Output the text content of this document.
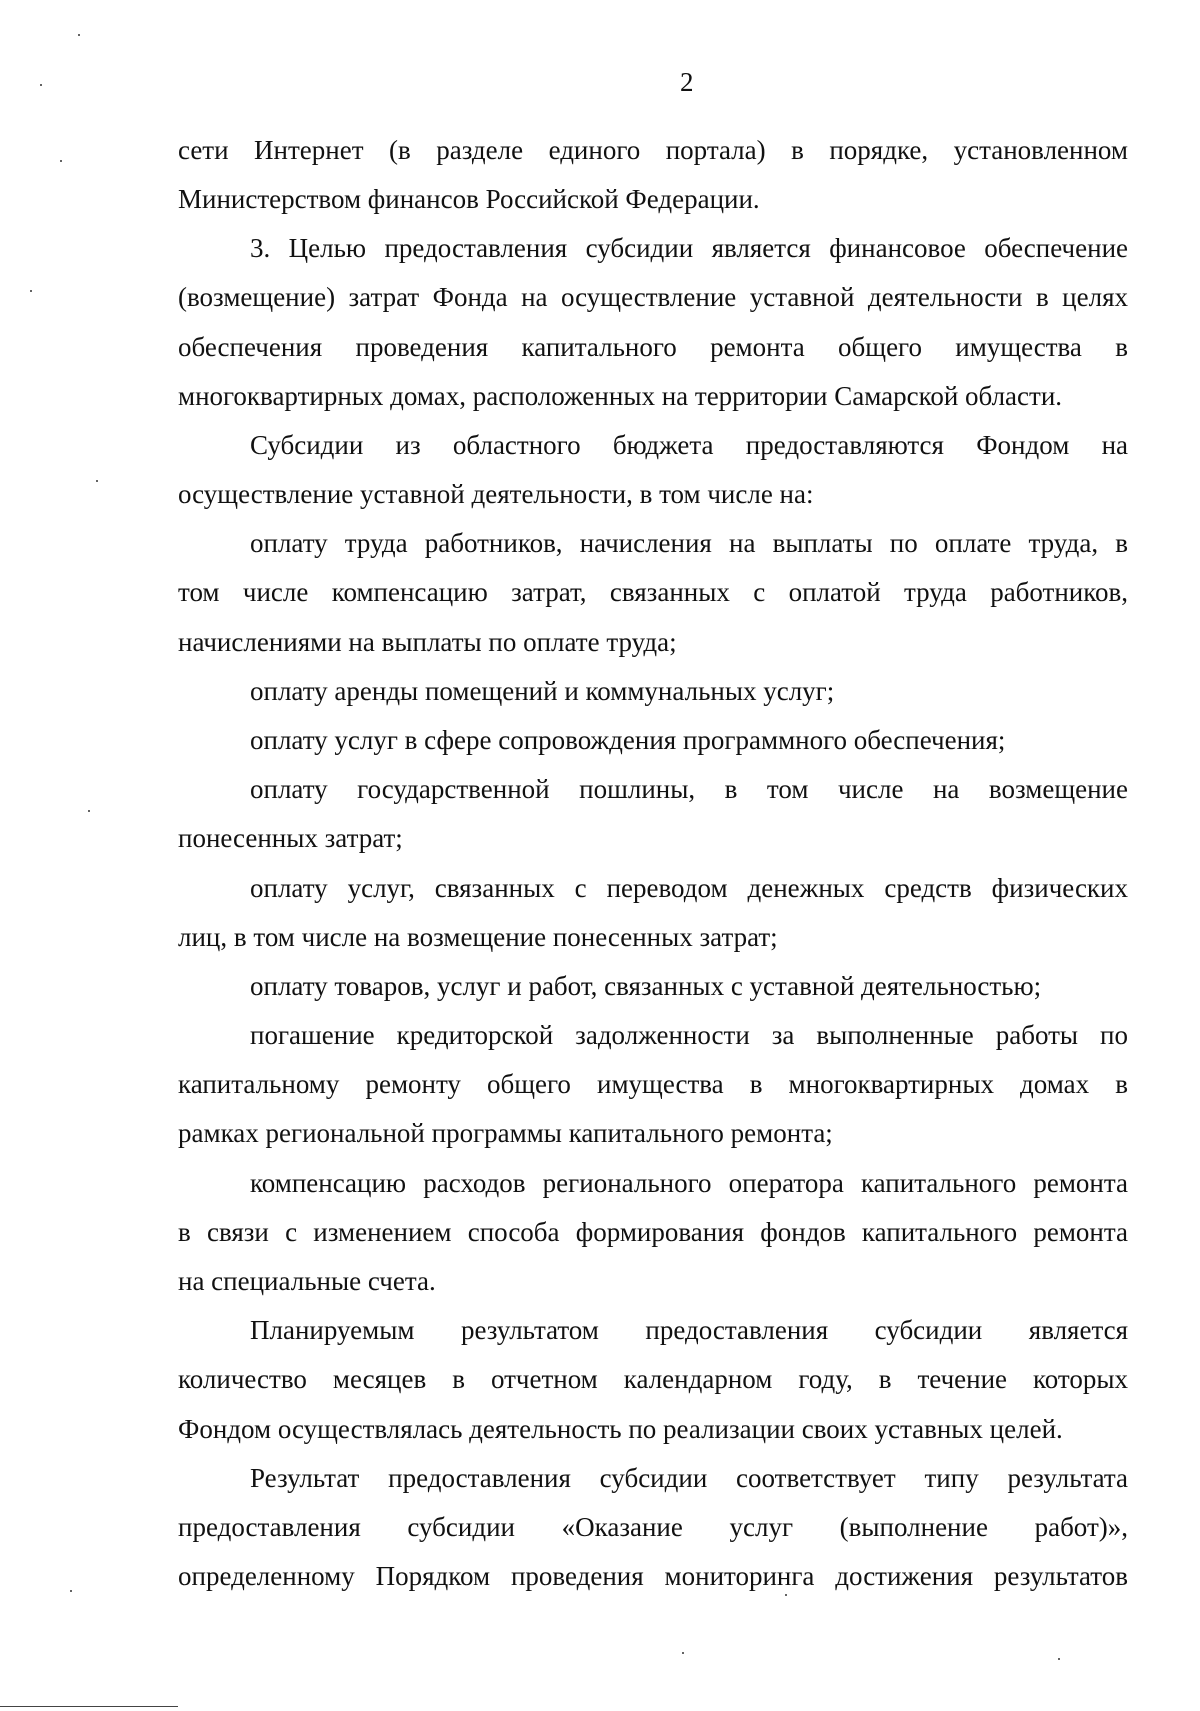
2
сети Интернет (в разделе единого портала) в порядке, установленном
Министерством финансов Российской Федерации.
3. Целью предоставления субсидии является финансовое обеспечение
(возмещение) затрат Фонда на осуществление уставной деятельности в целях
обеспечения проведения капитального ремонта общего имущества в
многоквартирных домах, расположенных на территории Самарской области.
Субсидии из областного бюджета предоставляются Фондом на
осуществление уставной деятельности, в том числе на:
оплату труда работников, начисления на выплаты по оплате труда, в
том числе компенсацию затрат, связанных с оплатой труда работников,
начислениями на выплаты по оплате труда;
оплату аренды помещений и коммунальных услуг;
оплату услуг в сфере сопровождения программного обеспечения;
оплату государственной пошлины, в том числе на возмещение
понесенных затрат;
оплату услуг, связанных с переводом денежных средств физических
лиц, в том числе на возмещение понесенных затрат;
оплату товаров, услуг и работ, связанных с уставной деятельностью;
погашение кредиторской задолженности за выполненные работы по
капитальному ремонту общего имущества в многоквартирных домах в
рамках региональной программы капитального ремонта;
компенсацию расходов регионального оператора капитального ремонта
в связи с изменением способа формирования фондов капитального ремонта
на специальные счета.
Планируемым результатом предоставления субсидии является
количество месяцев в отчетном календарном году, в течение которых
Фондом осуществлялась деятельность по реализации своих уставных целей.
Результат предоставления субсидии соответствует типу результата
предоставления субсидии «Оказание услуг (выполнение работ)»,
определенному Порядком проведения мониторинга достижения результатов
